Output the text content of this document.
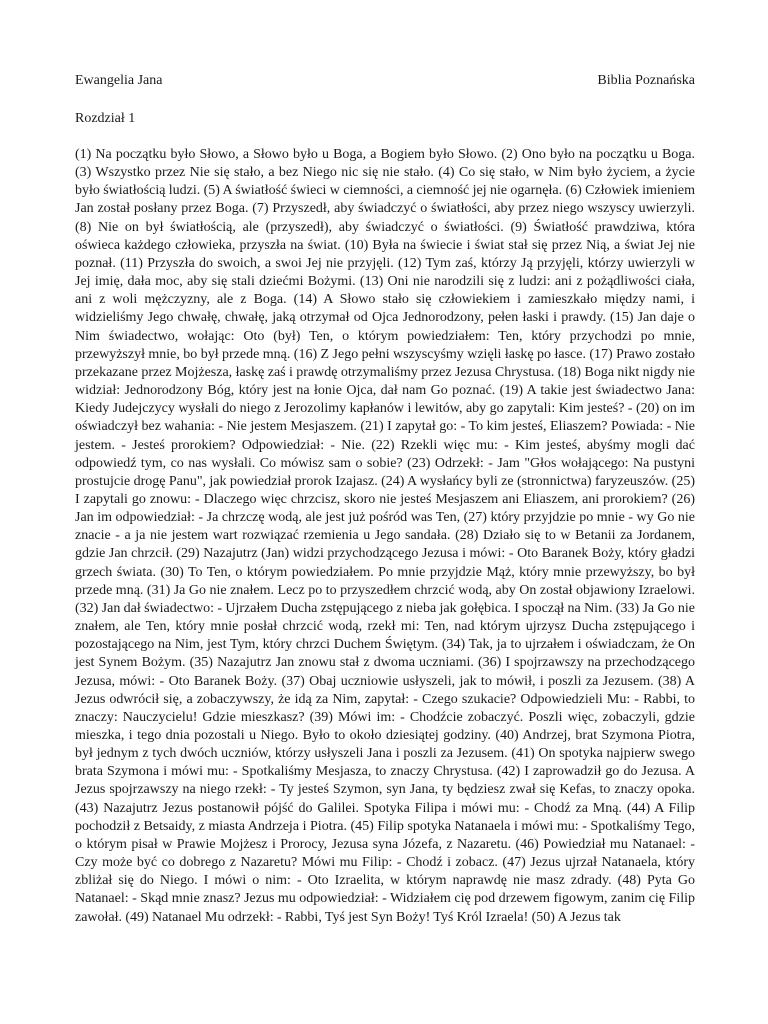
Ewangelia Jana	Biblia Poznańska
Rozdział 1
(1) Na początku było Słowo, a Słowo było u Boga, a Bogiem było Słowo. (2) Ono było na początku u Boga. (3) Wszystko przez Nie się stało, a bez Niego nic się nie stało. (4) Co się stało, w Nim było życiem, a życie było światłością ludzi. (5) A światłość świeci w ciemności, a ciemność jej nie ogarnęła. (6) Człowiek imieniem Jan został posłany przez Boga. (7) Przyszedł, aby świadczyć o światłości, aby przez niego wszyscy uwierzyli. (8) Nie on był światłością, ale (przyszedł), aby świadczyć o światłości. (9) Światłość prawdziwa, która oświeca każdego człowieka, przyszła na świat. (10) Była na świecie i świat stał się przez Nią, a świat Jej nie poznał. (11) Przyszła do swoich, a swoi Jej nie przyjęli. (12) Tym zaś, którzy Ją przyjęli, którzy uwierzyli w Jej imię, dała moc, aby się stali dziećmi Bożymi. (13) Oni nie narodzili się z ludzi: ani z pożądliwości ciała, ani z woli mężczyzny, ale z Boga. (14) A Słowo stało się człowiekiem i zamieszkało między nami, i widzieliśmy Jego chwałę, chwałę, jaką otrzymał od Ojca Jednorodzony, pełen łaski i prawdy. (15) Jan daje o Nim świadectwo, wołając: Oto (był) Ten, o którym powiedziałem: Ten, który przychodzi po mnie, przewyższył mnie, bo był przede mną. (16) Z Jego pełni wszyscyśmy wzięli łaskę po łasce. (17) Prawo zostało przekazane przez Mojżesza, łaskę zaś i prawdę otrzymaliśmy przez Jezusa Chrystusa. (18) Boga nikt nigdy nie widział: Jednorodzony Bóg, który jest na łonie Ojca, dał nam Go poznać. (19) A takie jest świadectwo Jana: Kiedy Judejczycy wysłali do niego z Jerozolimy kapłanów i lewitów, aby go zapytali: Kim jesteś? - (20) on im oświadczył bez wahania: - Nie jestem Mesjaszem. (21) I zapytał go: - To kim jesteś, Eliaszem? Powiada: - Nie jestem. - Jesteś prorokiem? Odpowiedział: - Nie. (22) Rzekli więc mu: - Kim jesteś, abyśmy mogli dać odpowiedź tym, co nas wysłali. Co mówisz sam o sobie? (23) Odrzekł: - Jam "Głos wołającego: Na pustyni prostujcie drogę Panu", jak powiedział prorok Izajasz. (24) A wysłańcy byli ze (stronnictwa) faryzeuszów. (25) I zapytali go znowu: - Dlaczego więc chrzcisz, skoro nie jesteś Mesjaszem ani Eliaszem, ani prorokiem? (26) Jan im odpowiedział: - Ja chrzczę wodą, ale jest już pośród was Ten, (27) który przyjdzie po mnie - wy Go nie znacie - a ja nie jestem wart rozwiązać rzemienia u Jego sandała. (28) Działo się to w Betanii za Jordanem, gdzie Jan chrzcił. (29) Nazajutrz (Jan) widzi przychodzącego Jezusa i mówi: - Oto Baranek Boży, który gładzi grzech świata. (30) To Ten, o którym powiedziałem. Po mnie przyjdzie Mąż, który mnie przewyższy, bo był przede mną. (31) Ja Go nie znałem. Lecz po to przyszedłem chrzcić wodą, aby On został objawiony Izraelowi. (32) Jan dał świadectwo: - Ujrzałem Ducha zstępującego z nieba jak gołębica. I spoczął na Nim. (33) Ja Go nie znałem, ale Ten, który mnie posłał chrzcić wodą, rzekł mi: Ten, nad którym ujrzysz Ducha zstępującego i pozostającego na Nim, jest Tym, który chrzci Duchem Świętym. (34) Tak, ja to ujrzałem i oświadczam, że On jest Synem Bożym. (35) Nazajutrz Jan znowu stał z dwoma uczniami. (36) I spojrzawszy na przechodzącego Jezusa, mówi: - Oto Baranek Boży. (37) Obaj uczniowie usłyszeli, jak to mówił, i poszli za Jezusem. (38) A Jezus odwrócił się, a zobaczywszy, że idą za Nim, zapytał: - Czego szukacie? Odpowiedzieli Mu: - Rabbi, to znaczy: Nauczycielu! Gdzie mieszkasz? (39) Mówi im: - Chodźcie zobaczyć. Poszli więc, zobaczyli, gdzie mieszka, i tego dnia pozostali u Niego. Było to około dziesiątej godziny. (40) Andrzej, brat Szymona Piotra, był jednym z tych dwóch uczniów, którzy usłyszeli Jana i poszli za Jezusem. (41) On spotyka najpierw swego brata Szymona i mówi mu: - Spotkaliśmy Mesjasza, to znaczy Chrystusa. (42) I zaprowadził go do Jezusa. A Jezus spojrzawszy na niego rzekł: - Ty jesteś Szymon, syn Jana, ty będziesz zwał się Kefas, to znaczy opoka. (43) Nazajutrz Jezus postanowił pójść do Galilei. Spotyka Filipa i mówi mu: - Chodź za Mną. (44) A Filip pochodził z Betsaidy, z miasta Andrzeja i Piotra. (45) Filip spotyka Natanaela i mówi mu: - Spotkaliśmy Tego, o którym pisał w Prawie Mojżesz i Prorocy, Jezusa syna Józefa, z Nazaretu. (46) Powiedział mu Natanael: - Czy może być co dobrego z Nazaretu? Mówi mu Filip: - Chodź i zobacz. (47) Jezus ujrzał Natanaela, który zbliżał się do Niego. I mówi o nim: - Oto Izraelita, w którym naprawdę nie masz zdrady. (48) Pyta Go Natanael: - Skąd mnie znasz? Jezus mu odpowiedział: - Widziałem cię pod drzewem figowym, zanim cię Filip zawołał. (49) Natanael Mu odrzekł: - Rabbi, Tyś jest Syn Boży! Tyś Król Izraela! (50) A Jezus tak
